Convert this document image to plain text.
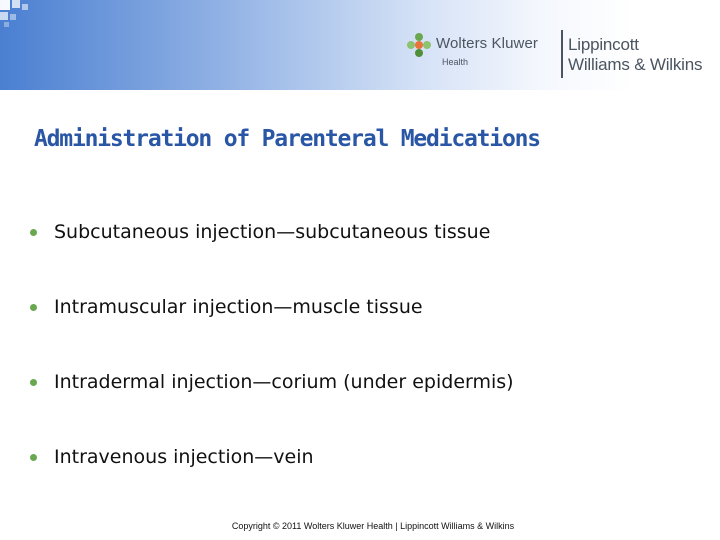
Wolters Kluwer
Health
Lippincott
Williams & Wilkins
Administration of Parenteral Medications
Subcutaneous injection—subcutaneous tissue
Intramuscular injection—muscle tissue
Intradermal injection—corium (under epidermis)
Intravenous injection—vein
Copyright © 2011 Wolters Kluwer Health | Lippincott Williams & Wilkins
